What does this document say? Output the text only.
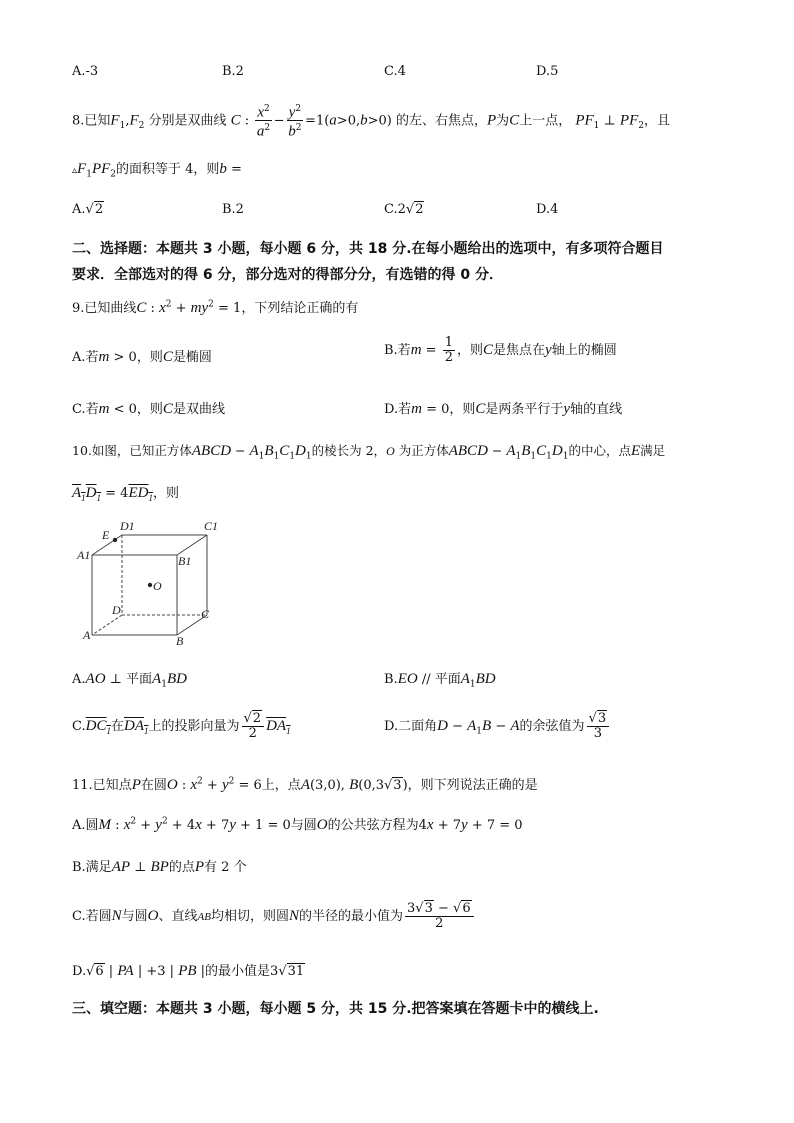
A.-3	B.2	C.4	D.5
8.已知$F_1,F_2$ 分别是双曲线 C : $\frac{x^2}{a^2} - \frac{y^2}{b^2} =1(a>0,b>0)$ 的左、右焦点，P为C上一点， $PF_1$ ⊥ $PF_2$，且
$▵F_1PF_2$的面积等于 4，则b =
A.√2	B.2	C.2√2	D.4
二、选择题：本题共 3 小题，每小题 6 分，共 18 分.在每小题给出的选项中，有多项符合题目
要求．全部选对的得 6 分，部分选对的得部分分，有选错的得 0 分．
9.已知曲线C : $x^2 + my^2 = 1$，下列结论正确的有
A.若m > 0，则C是椭圆	B.若$m = \frac{1}{2}$ ，则C是焦点在y轴上的椭圆
C.若m < 0，则C是双曲线	D.若m = 0，则C是两条平行于y轴的直线
10.如图，已知正方体ABCD − $A_1B_1C_1D_1$的棱长为 2，O 为正方体ABCD − $A_1B_1C_1D_1$的中心，点E满足
$A_1D_1 = 4ED_1$，则
E
D1	C1
A1	B1
O
D	C
A	B
A.AO ⊥ 平面$A_1BD$	B.EO // 平面$A_1BD$
$C.DC_1$在$DA_1$上的投影向量为 $\frac{√2}{2} DA_1$	D.二面角$D - A_1B - A$的余弦值为 $\frac{√3}{3}$
11.已知点P在圆O : $x^2 + y^2 = 6$上，点A(3,0), B(0,3√3)，则下列说法正确的是
A.圆M : $x^2 + y^2 + 4x + 7y + 1 = 0$与圆O的公共弦方程为4x + 7y + 7 = 0
B.满足AP ⊥ BP的点P有 2 个
C.若圆N与圆O、直线AB均相切，则圆N的半径的最小值为 $\frac{3√3 - √6}{2}$
D.√6 | PA | +3 | PB |的最小值是3√31
三、填空题：本题共 3 小题，每小题 5 分，共 15 分.把答案填在答题卡中的横线上.
